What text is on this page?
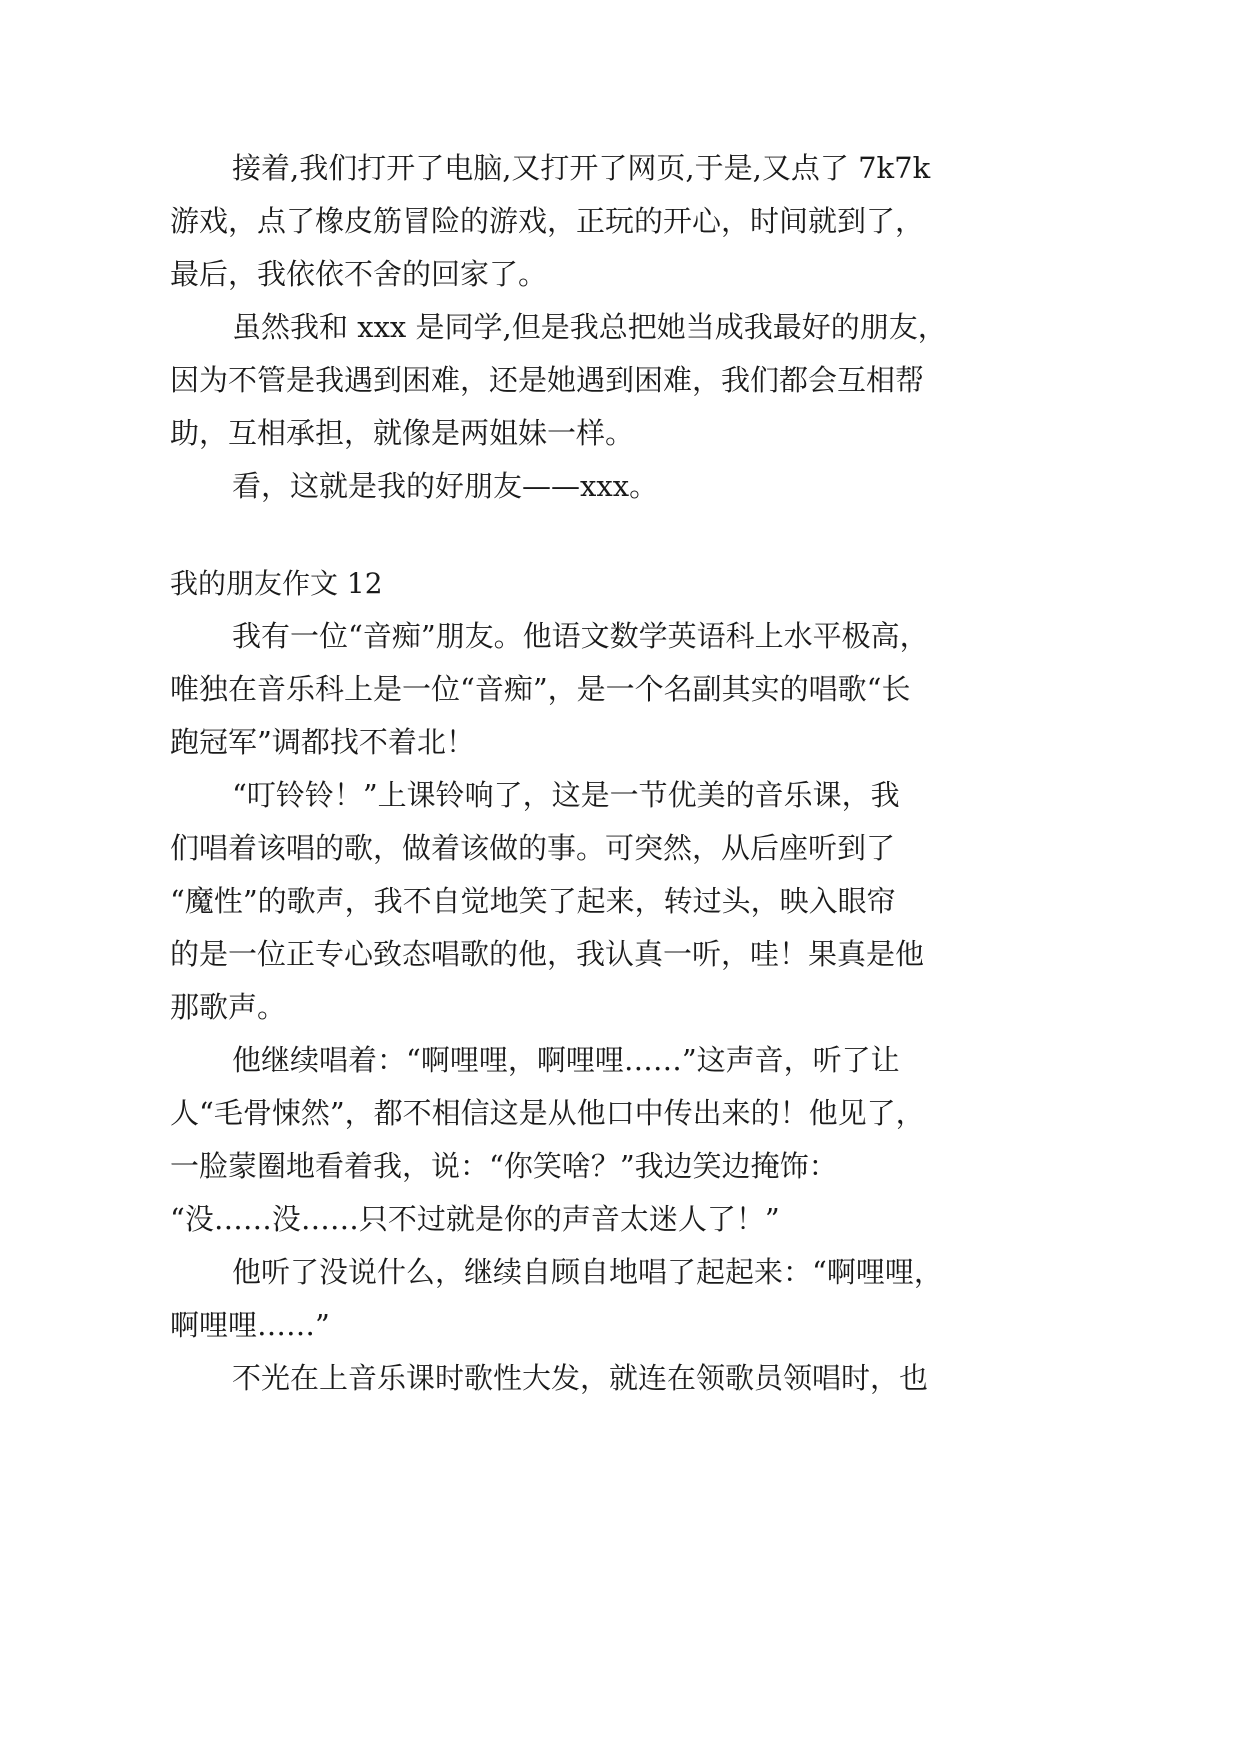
接着,我们打开了电脑,又打开了网页,于是,又点了 7k7k

游戏，点了橡皮筋冒险的游戏，正玩的开心，时间就到了，

最后，我依依不舍的回家了。

虽然我和 xxx 是同学,但是我总把她当成我最好的朋友，

因为不管是我遇到困难，还是她遇到困难，我们都会互相帮

助，互相承担，就像是两姐妹一样。

看，这就是我的好朋友——xxx。

我的朋友作文 12

我有一位“音痴”朋友。他语文数学英语科上水平极高，

唯独在音乐科上是一位“音痴”，是一个名副其实的唱歌“长

跑冠军”调都找不着北！

“叮铃铃！”上课铃响了，这是一节优美的音乐课，我

们唱着该唱的歌，做着该做的事。可突然，从后座听到了

“魔性”的歌声，我不自觉地笑了起来，转过头，映入眼帘

的是一位正专心致态唱歌的他，我认真一听，哇！果真是他

那歌声。

他继续唱着：“啊哩哩，啊哩哩……”这声音，听了让

人“毛骨悚然”，都不相信这是从他口中传出来的！他见了，

一脸蒙圈地看着我，说：“你笑啥？”我边笑边掩饰：

“没……没……只不过就是你的声音太迷人了！”

他听了没说什么，继续自顾自地唱了起起来：“啊哩哩，

啊哩哩……”

不光在上音乐课时歌性大发，就连在领歌员领唱时，也
